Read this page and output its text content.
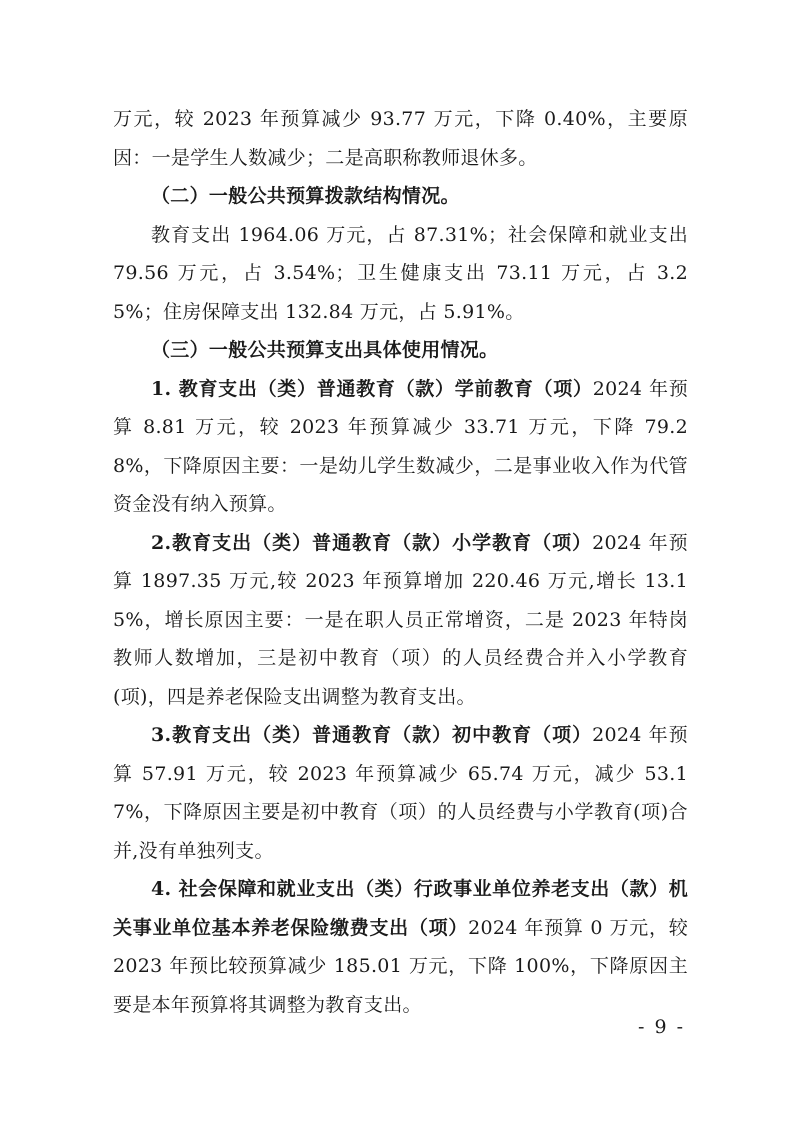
万元，较 2023 年预算减少 93.77 万元，下降 0.40%，主要原因：一是学生人数减少；二是高职称教师退休多。

（二）一般公共预算拨款结构情况。

教育支出 1964.06 万元，占 87.31%；社会保障和就业支出 79.56 万元，占 3.54%；卫生健康支出 73.11 万元，占 3.25%；住房保障支出 132.84 万元，占 5.91%。

（三）一般公共预算支出具体使用情况。

1. 教育支出（类）普通教育（款）学前教育（项）2024 年预算 8.81 万元，较 2023 年预算减少 33.71 万元，下降 79.28%，下降原因主要：一是幼儿学生数减少，二是事业收入作为代管资金没有纳入预算。

2.教育支出（类）普通教育（款）小学教育（项）2024 年预算 1897.35 万元,较 2023 年预算增加 220.46 万元,增长 13.15%，增长原因主要：一是在职人员正常增资，二是 2023 年特岗教师人数增加，三是初中教育（项）的人员经费合并入小学教育(项)，四是养老保险支出调整为教育支出。

3.教育支出（类）普通教育（款）初中教育（项）2024 年预算 57.91 万元，较 2023 年预算减少 65.74 万元，减少 53.17%，下降原因主要是初中教育（项）的人员经费与小学教育(项)合并,没有单独列支。

4. 社会保障和就业支出（类）行政事业单位养老支出（款）机关事业单位基本养老保险缴费支出（项）2024 年预算 0 万元，较 2023 年预比较预算减少 185.01 万元，下降 100%，下降原因主要是本年预算将其调整为教育支出。

- 9 -
